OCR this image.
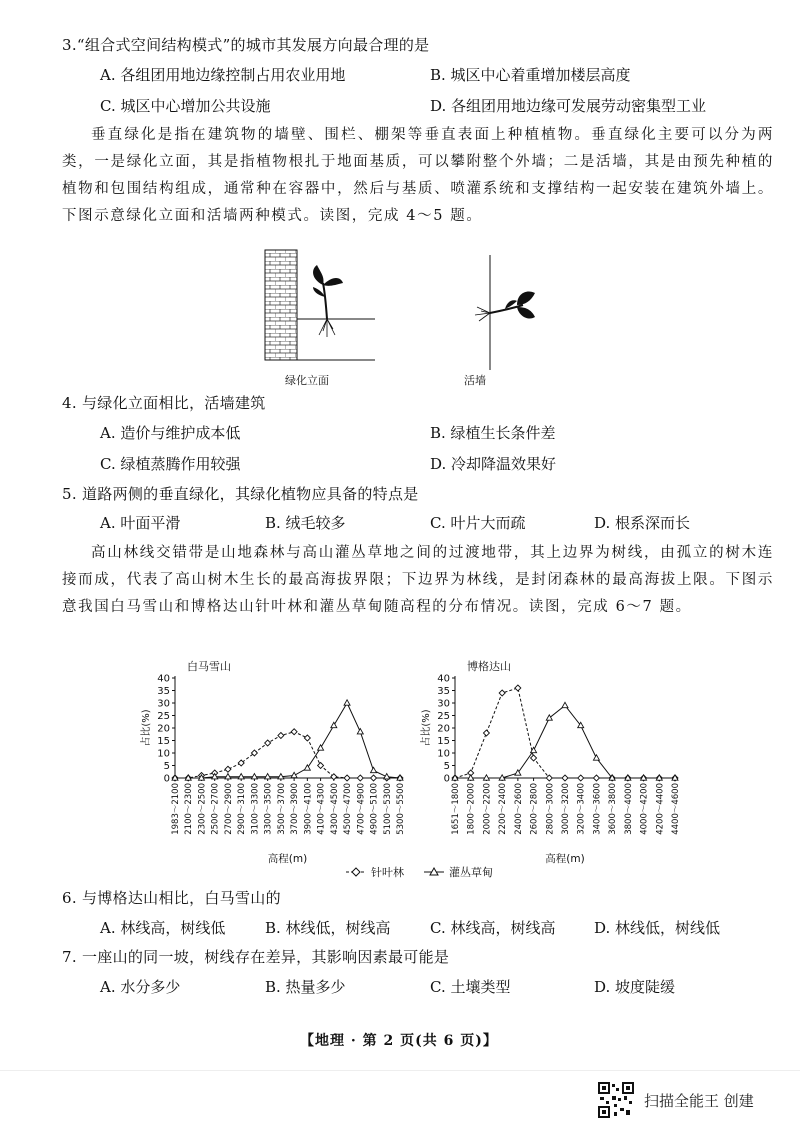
3.“组合式空间结构模式”的城市其发展方向最合理的是
A. 各组团用地边缘控制占用农业用地	B. 城区中心着重增加楼层高度
C. 城区中心增加公共设施	D. 各组团用地边缘可发展劳动密集型工业
垂直绿化是指在建筑物的墙壁、围栏、棚架等垂直表面上种植植物。垂直绿化主要可以分为两类，一是绿化立面，其是指植物根扎于地面基质，可以攀附整个外墙；二是活墙，其是由预先种植的植物和包围结构组成，通常种在容器中，然后与基质、喷灌系统和支撑结构一起安装在建筑外墙上。下图示意绿化立面和活墙两种模式。读图，完成 4～5 题。
绿化立面	活墙
4. 与绿化立面相比，活墙建筑
A. 造价与维护成本低	B. 绿植生长条件差
C. 绿植蒸腾作用较强	D. 冷却降温效果好
5. 道路两侧的垂直绿化，其绿化植物应具备的特点是
A. 叶面平滑	B. 绒毛较多	C. 叶片大而疏	D. 根系深而长
高山林线交错带是山地森林与高山灌丛草地之间的过渡地带，其上边界为树线，由孤立的树木连接而成，代表了高山树木生长的最高海拔界限；下边界为林线，是封闭森林的最高海拔上限。下图示意我国白马雪山和博格达山针叶林和灌丛草甸随高程的分布情况。读图，完成 6～7 题。
0
5
10
15
20
25
30
35
40
1983～2100 2100～2300 2300～2500 2500～2700 2700～2900 2900～3100 3100～3300 3300～3500 3500～3700 3700～3900 3900～4100 4100～4300 4300～4500 4500～4700 4700～4900 4900～5100 5100～5300 5300～5500
白马雪山
占比(%)
高程(m)
0
5
10
15
20
25
30
35
40
1651～1800 1800～2000 2000～2200 2200～2400 2400～2600 2600～2800 2800～3000 3000～3200 3200～3400 3400～3600 3600～3800 3800～4000 4000～4200 4200～4400 4400～4600
博格达山
占比(%)
高程(m)
针叶林	灌丛草甸
6. 与博格达山相比，白马雪山的
A. 林线高，树线低	B. 林线低，树线高	C. 林线高，树线高	D. 林线低，树线低
7. 一座山的同一坡，树线存在差异，其影响因素最可能是
A. 水分多少	B. 热量多少	C. 土壤类型	D. 坡度陡缓
【地理 · 第 2 页(共 6 页)】
扫描全能王 创建
